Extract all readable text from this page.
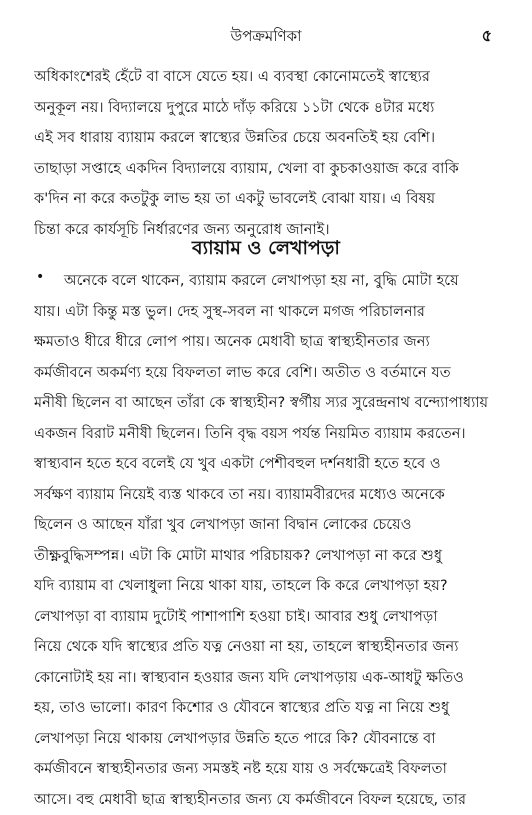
উপক্রমণিকা	৫
অধিকাংশেরই হেঁটে বা বাসে যেতে হয়। এ ব্যবস্থা কোনোমতেই স্বাস্থ্যের
অনুকূল নয়। বিদ্যালয়ে দুপুরে মাঠে দাঁড় করিয়ে ১১টা থেকে ৪টার মধ্যে
এই সব ধারায় ব্যায়াম করলে স্বাস্থ্যের উন্নতির চেয়ে অবনতিই হয় বেশি।
তাছাড়া সপ্তাহে একদিন বিদ্যালয়ে ব্যায়াম, খেলা বা কুচকাওয়াজ করে বাকি
ক'দিন না করে কতটুকু লাভ হয় তা একটু ভাবলেই বোঝা যায়। এ বিষয়
চিন্তা করে কার্যসূচি নির্ধারণের জন্য অনুরোধ জানাই।
ব্যায়াম ও লেখাপড়া
•	অনেকে বলে থাকেন, ব্যায়াম করলে লেখাপড়া হয় না, বুদ্ধি মোটা হয়ে
যায়। এটা কিন্তু মস্ত ভুল। দেহ সুস্থ-সবল না থাকলে মগজ পরিচালনার
ক্ষমতাও ধীরে ধীরে লোপ পায়। অনেক মেধাবী ছাত্র স্বাস্থ্যহীনতার জন্য
কর্মজীবনে অকর্মণ্য হয়ে বিফলতা লাভ করে বেশি। অতীত ও বর্তমানে যত
মনীষী ছিলেন বা আছেন তাঁরা কে স্বাস্থ্যহীন? স্বর্গীয় স্যর সুরেন্দ্রনাথ বন্দ্যোপাধ্যায়
একজন বিরাট মনীষী ছিলেন। তিনি বৃদ্ধ বয়স পর্যন্ত নিয়মিত ব্যায়াম করতেন।
স্বাস্থ্যবান হতে হবে বলেই যে খুব একটা পেশীবহুল দর্শনধারী হতে হবে ও
সর্বক্ষণ ব্যায়াম নিয়েই ব্যস্ত থাকবে তা নয়। ব্যায়ামবীরদের মধ্যেও অনেকে
ছিলেন ও আছেন যাঁরা খুব লেখাপড়া জানা বিদ্বান লোকের চেয়েও
তীক্ষ্ণবুদ্ধিসম্পন্ন। এটা কি মোটা মাথার পরিচায়ক? লেখাপড়া না করে শুধু
যদি ব্যায়াম বা খেলাধুলা নিয়ে থাকা যায়, তাহলে কি করে লেখাপড়া হয়?
লেখাপড়া বা ব্যায়াম দুটোই পাশাপাশি হওয়া চাই। আবার শুধু লেখাপড়া
নিয়ে থেকে যদি স্বাস্থ্যের প্রতি যত্ন নেওয়া না হয়, তাহলে স্বাস্থ্যহীনতার জন্য
কোনোটাই হয় না। স্বাস্থ্যবান হওয়ার জন্য যদি লেখাপড়ায় এক-আধটু ক্ষতিও
হয়, তাও ভালো। কারণ কিশোর ও যৌবনে স্বাস্থ্যের প্রতি যত্ন না নিয়ে শুধু
লেখাপড়া নিয়ে থাকায় লেখাপড়ার উন্নতি হতে পারে কি? যৌবনান্তে বা
কর্মজীবনে স্বাস্থ্যহীনতার জন্য সমস্তই নষ্ট হয়ে যায় ও সর্বক্ষেত্রেই বিফলতা
আসে। বহু মেধাবী ছাত্র স্বাস্থ্যহীনতার জন্য যে কর্মজীবনে বিফল হয়েছে, তার
